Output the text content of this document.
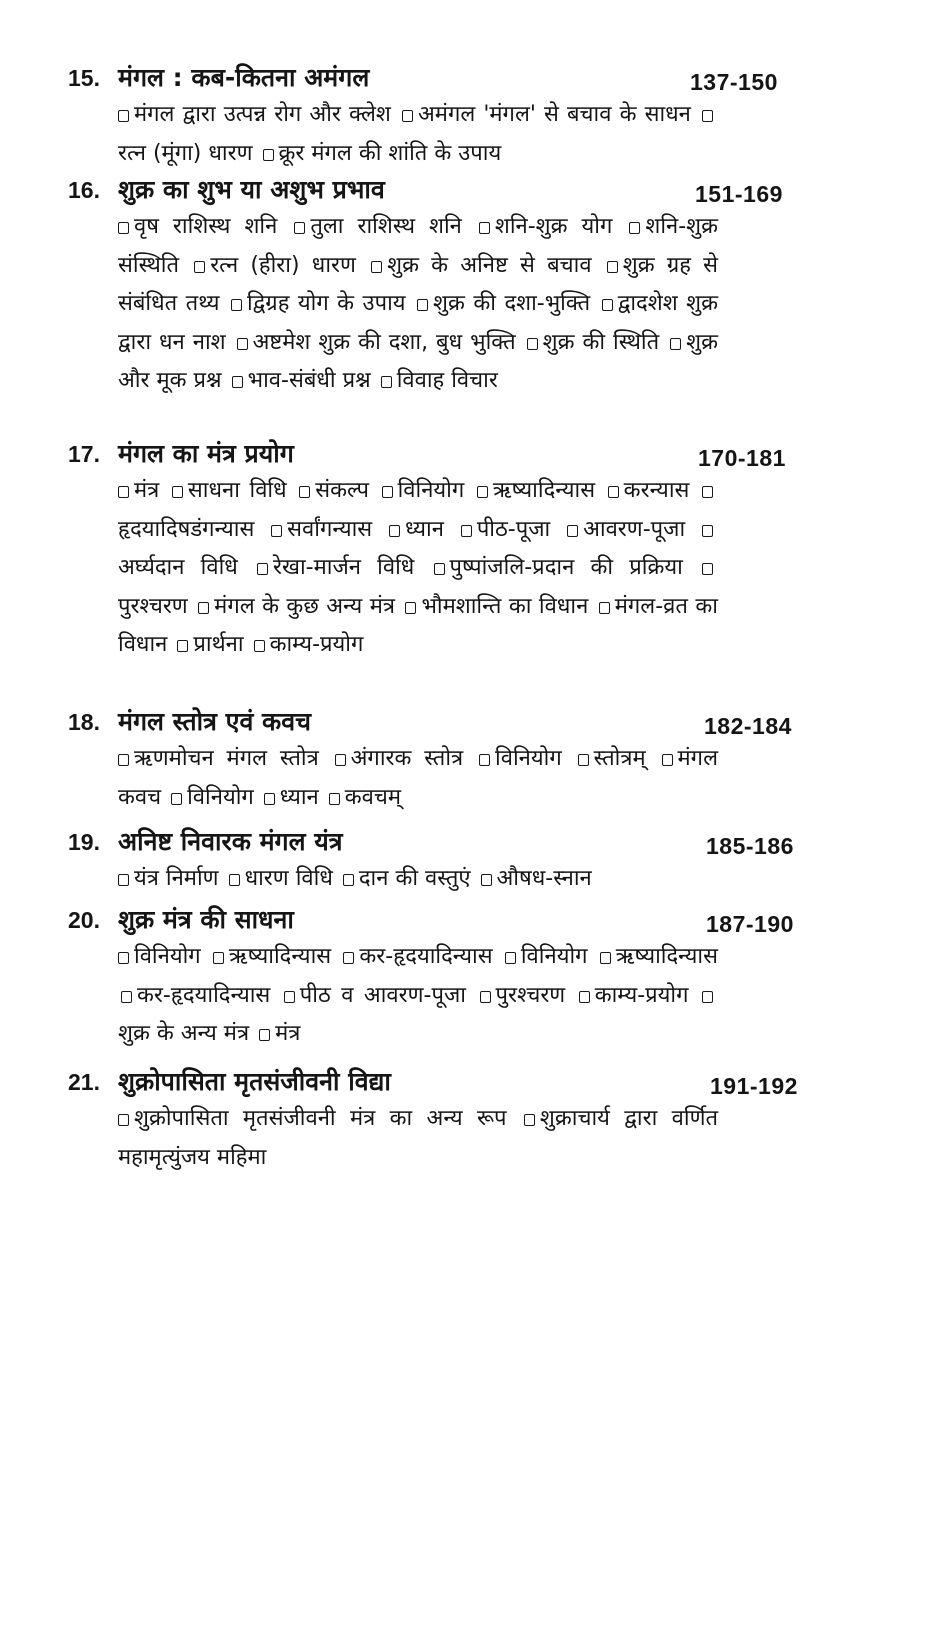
15. मंगल : कब-कितना अमंगल	137-150
मंगल द्वारा उत्पन्न रोग और क्लेश अमंगल 'मंगल' से बचाव के साधन रत्न (मूंगा) धारण क्रूर मंगल की शांति के उपाय
16. शुक्र का शुभ या अशुभ प्रभाव	151-169
वृष राशिस्थ शनि तुला राशिस्थ शनि शनि-शुक्र योग शनि-शुक्र संस्थिति रत्न (हीरा) धारण शुक्र के अनिष्ट से बचाव शुक्र ग्रह से संबंधित तथ्य द्विग्रह योग के उपाय शुक्र की दशा-भुक्ति द्वादशेश शुक्र द्वारा धन नाश अष्टमेश शुक्र की दशा, बुध भुक्ति शुक्र की स्थिति शुक्र और मूक प्रश्न भाव-संबंधी प्रश्न विवाह विचार
17. मंगल का मंत्र प्रयोग	170-181
मंत्र साधना विधि संकल्प विनियोग ऋष्यादिन्यास करन्यास हृदयादिषडंगन्यास सर्वांगन्यास ध्यान पीठ-पूजा आवरण-पूजा अर्घ्यदान विधि रेखा-मार्जन विधि पुष्पांजलि-प्रदान की प्रक्रिया पुरश्चरण मंगल के कुछ अन्य मंत्र भौमशान्ति का विधान मंगल-व्रत का विधान प्रार्थना काम्य-प्रयोग
18. मंगल स्तोत्र एवं कवच	182-184
ऋणमोचन मंगल स्तोत्र अंगारक स्तोत्र विनियोग स्तोत्रम् मंगल कवच विनियोग ध्यान कवचम्
19. अनिष्ट निवारक मंगल यंत्र	185-186
यंत्र निर्माण धारण विधि दान की वस्तुएं औषध-स्नान
20. शुक्र मंत्र की साधना	187-190
विनियोग ऋष्यादिन्यास कर-हृदयादिन्यास विनियोग ऋष्यादिन्यास कर-हृदयादिन्यास पीठ व आवरण-पूजा पुरश्चरण काम्य-प्रयोग शुक्र के अन्य मंत्र मंत्र
21. शुक्रोपासिता मृतसंजीवनी विद्या	191-192
शुक्रोपासिता मृतसंजीवनी मंत्र का अन्य रूप शुक्राचार्य द्वारा वर्णित महामृत्युंजय महिमा
